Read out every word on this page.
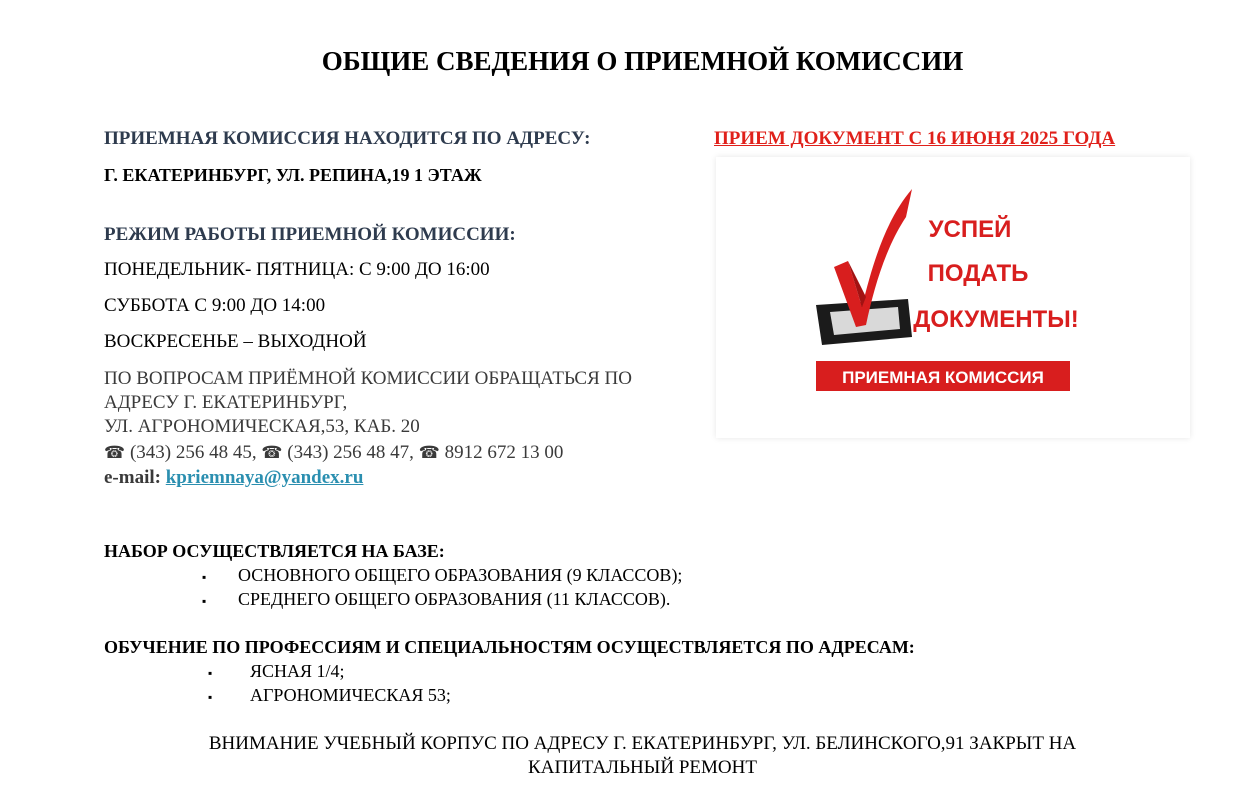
ОБЩИЕ СВЕДЕНИЯ О ПРИЕМНОЙ КОМИССИИ
ПРИЕМНАЯ КОМИССИЯ НАХОДИТСЯ ПО АДРЕСУ:
Г. ЕКАТЕРИНБУРГ, УЛ. РЕПИНА,19 1 ЭТАЖ
ПРИЕМ ДОКУМЕНТ С 16 ИЮНЯ 2025 ГОДА
РЕЖИМ РАБОТЫ ПРИЕМНОЙ КОМИССИИ:
ПОНЕДЕЛЬНИК- ПЯТНИЦА: С 9:00 ДО 16:00
СУББОТА С 9:00 ДО 14:00
ВОСКРЕСЕНЬЕ – ВЫХОДНОЙ
ПО ВОПРОСАМ ПРИЁМНОЙ КОМИССИИ ОБРАЩАТЬСЯ ПО
АДРЕСУ Г. ЕКАТЕРИНБУРГ,
УЛ. АГРОНОМИЧЕСКАЯ,53, КАБ. 20
☎ (343) 256 48 45, ☎ (343) 256 48 47, ☎ 8912 672 13 00
e-mail: kpriemnaya@yandex.ru
УСПЕЙ
ПОДАТЬ
ДОКУМЕНТЫ!
ПРИЕМНАЯ КОМИССИЯ
НАБОР ОСУЩЕСТВЛЯЕТСЯ НА БАЗЕ:
▪ ОСНОВНОГО ОБЩЕГО ОБРАЗОВАНИЯ (9 КЛАССОВ);
▪ СРЕДНЕГО ОБЩЕГО ОБРАЗОВАНИЯ (11 КЛАССОВ).
ОБУЧЕНИЕ ПО ПРОФЕССИЯМ И СПЕЦИАЛЬНОСТЯМ ОСУЩЕСТВЛЯЕТСЯ ПО АДРЕСАМ:
▪ ЯСНАЯ 1/4;
▪ АГРОНОМИЧЕСКАЯ 53;
ВНИМАНИЕ УЧЕБНЫЙ КОРПУС ПО АДРЕСУ Г. ЕКАТЕРИНБУРГ, УЛ. БЕЛИНСКОГО,91 ЗАКРЫТ НА
КАПИТАЛЬНЫЙ РЕМОНТ
